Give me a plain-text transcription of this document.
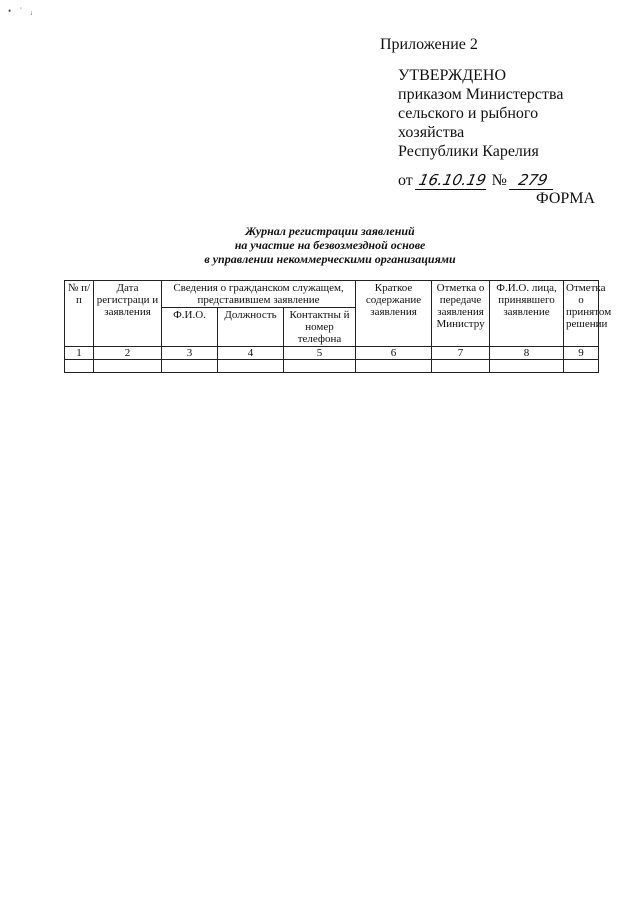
• ˙ ᵢ
Приложение 2
УТВЕРЖДЕНО
приказом Министерства
сельского и рыбного
хозяйства
Республики Карелия
от 16.10.19 № 279
ФОРМА
Журнал регистрации заявлений
на участие на безвозмездной основе
в управлении некоммерческими организациями
№ п/п	Дата регистраци и заявления	Сведения о гражданском служащем, представившем заявление			Краткое содержание заявления	Отметка о передаче заявления Министру	Ф.И.О. лица, принявшего заявление	Отметка о принятом решении
		Ф.И.О.	Должность	Контактны й номер телефона				
1	2	3	4	5	6	7	8	9
